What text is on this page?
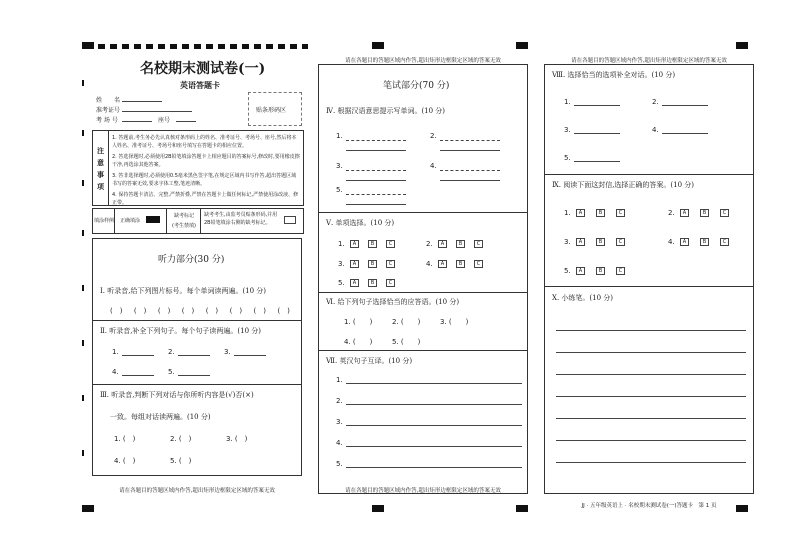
名校期末测试卷(一)
英语答题卡
姓　　名
准考证号
考 场 号	座号
贴条形码区
注
意
事
项
1. 答题前,考生务必先认真核对条形码上的姓名、准考证号、考场号、座号,然后将本人姓名、准考证号、考场号和座号填写在答题卡的相应位置。
2. 答选择题时,必须使用2B铅笔填涂答题卡上相应题目的答案标号,修改时,要用橡皮擦干净,再选涂其他答案。
3. 答非选择题时,必须使用0.5毫米黑色签字笔,在规定区域内书写作答,超出答题区域书写的答案无效,要求字体工整,笔迹清晰。
4. 保持答题卡清洁、完整,严禁折叠,严禁在答题卡上做任何标记,严禁使用涂改液、修正带。
填涂样例 正确填涂
缺考标记
(考生禁填)
缺考考生,由监考员贴条形码,并用2B铅笔填涂右侧的缺考标记。
听力部分(30 分)
Ⅰ. 听录音,给下列图片标号。每个单词读两遍。(10 分)
(　) (　) (　) (　) (　) (　) (　) (　)
Ⅱ. 听录音,补全下列句子。每个句子读两遍。(10 分)
1.	2.	3.
4.	5.
Ⅲ. 听录音,判断下列对话与你所听内容是(√)否(×)
一致。每组对话读两遍。(10 分)
1. (　)	2. (　)	3. (　)
4. (　)	5. (　)
请在各题目的答题区域内作答,超出矩形边框限定区域的答案无效
请在各题目的答题区域内作答,超出矩形边框限定区域的答案无效
笔试部分(70 分)
Ⅳ. 根据汉语意思提示写单词。(10 分)
1.	2.
3.	4.
5.
Ⅴ. 单项选择。(10 分)
1.	A	B	C	2.	A	B	C
3.	A	B	C	4.	A	B	C
5.	A	B	C
Ⅵ. 给下列句子选择恰当的应答语。(10 分)
1. (　　)	2. (　　)	3. (　　)
4. (　　)	5. (　　)
Ⅶ. 英汉句子互译。(10 分)
1.
2.
3.
4.
5.
请在各题目的答题区域内作答,超出矩形边框限定区域的答案无效
请在各题目的答题区域内作答,超出矩形边框限定区域的答案无效
Ⅷ. 选择恰当的选项补全对话。(10 分)
1.	2.
3.	4.
5.
Ⅸ. 阅读下面这封信,选择正确的答案。(10 分)
1.	A	B	C	2.	A	B	C
3.	A	B	C	4.	A	B	C
5.	A	B	C
X. 小练笔。(10 分)
JJ · 五年级英语上 · 名校期末测试卷(一)答题卡　第 1 页
